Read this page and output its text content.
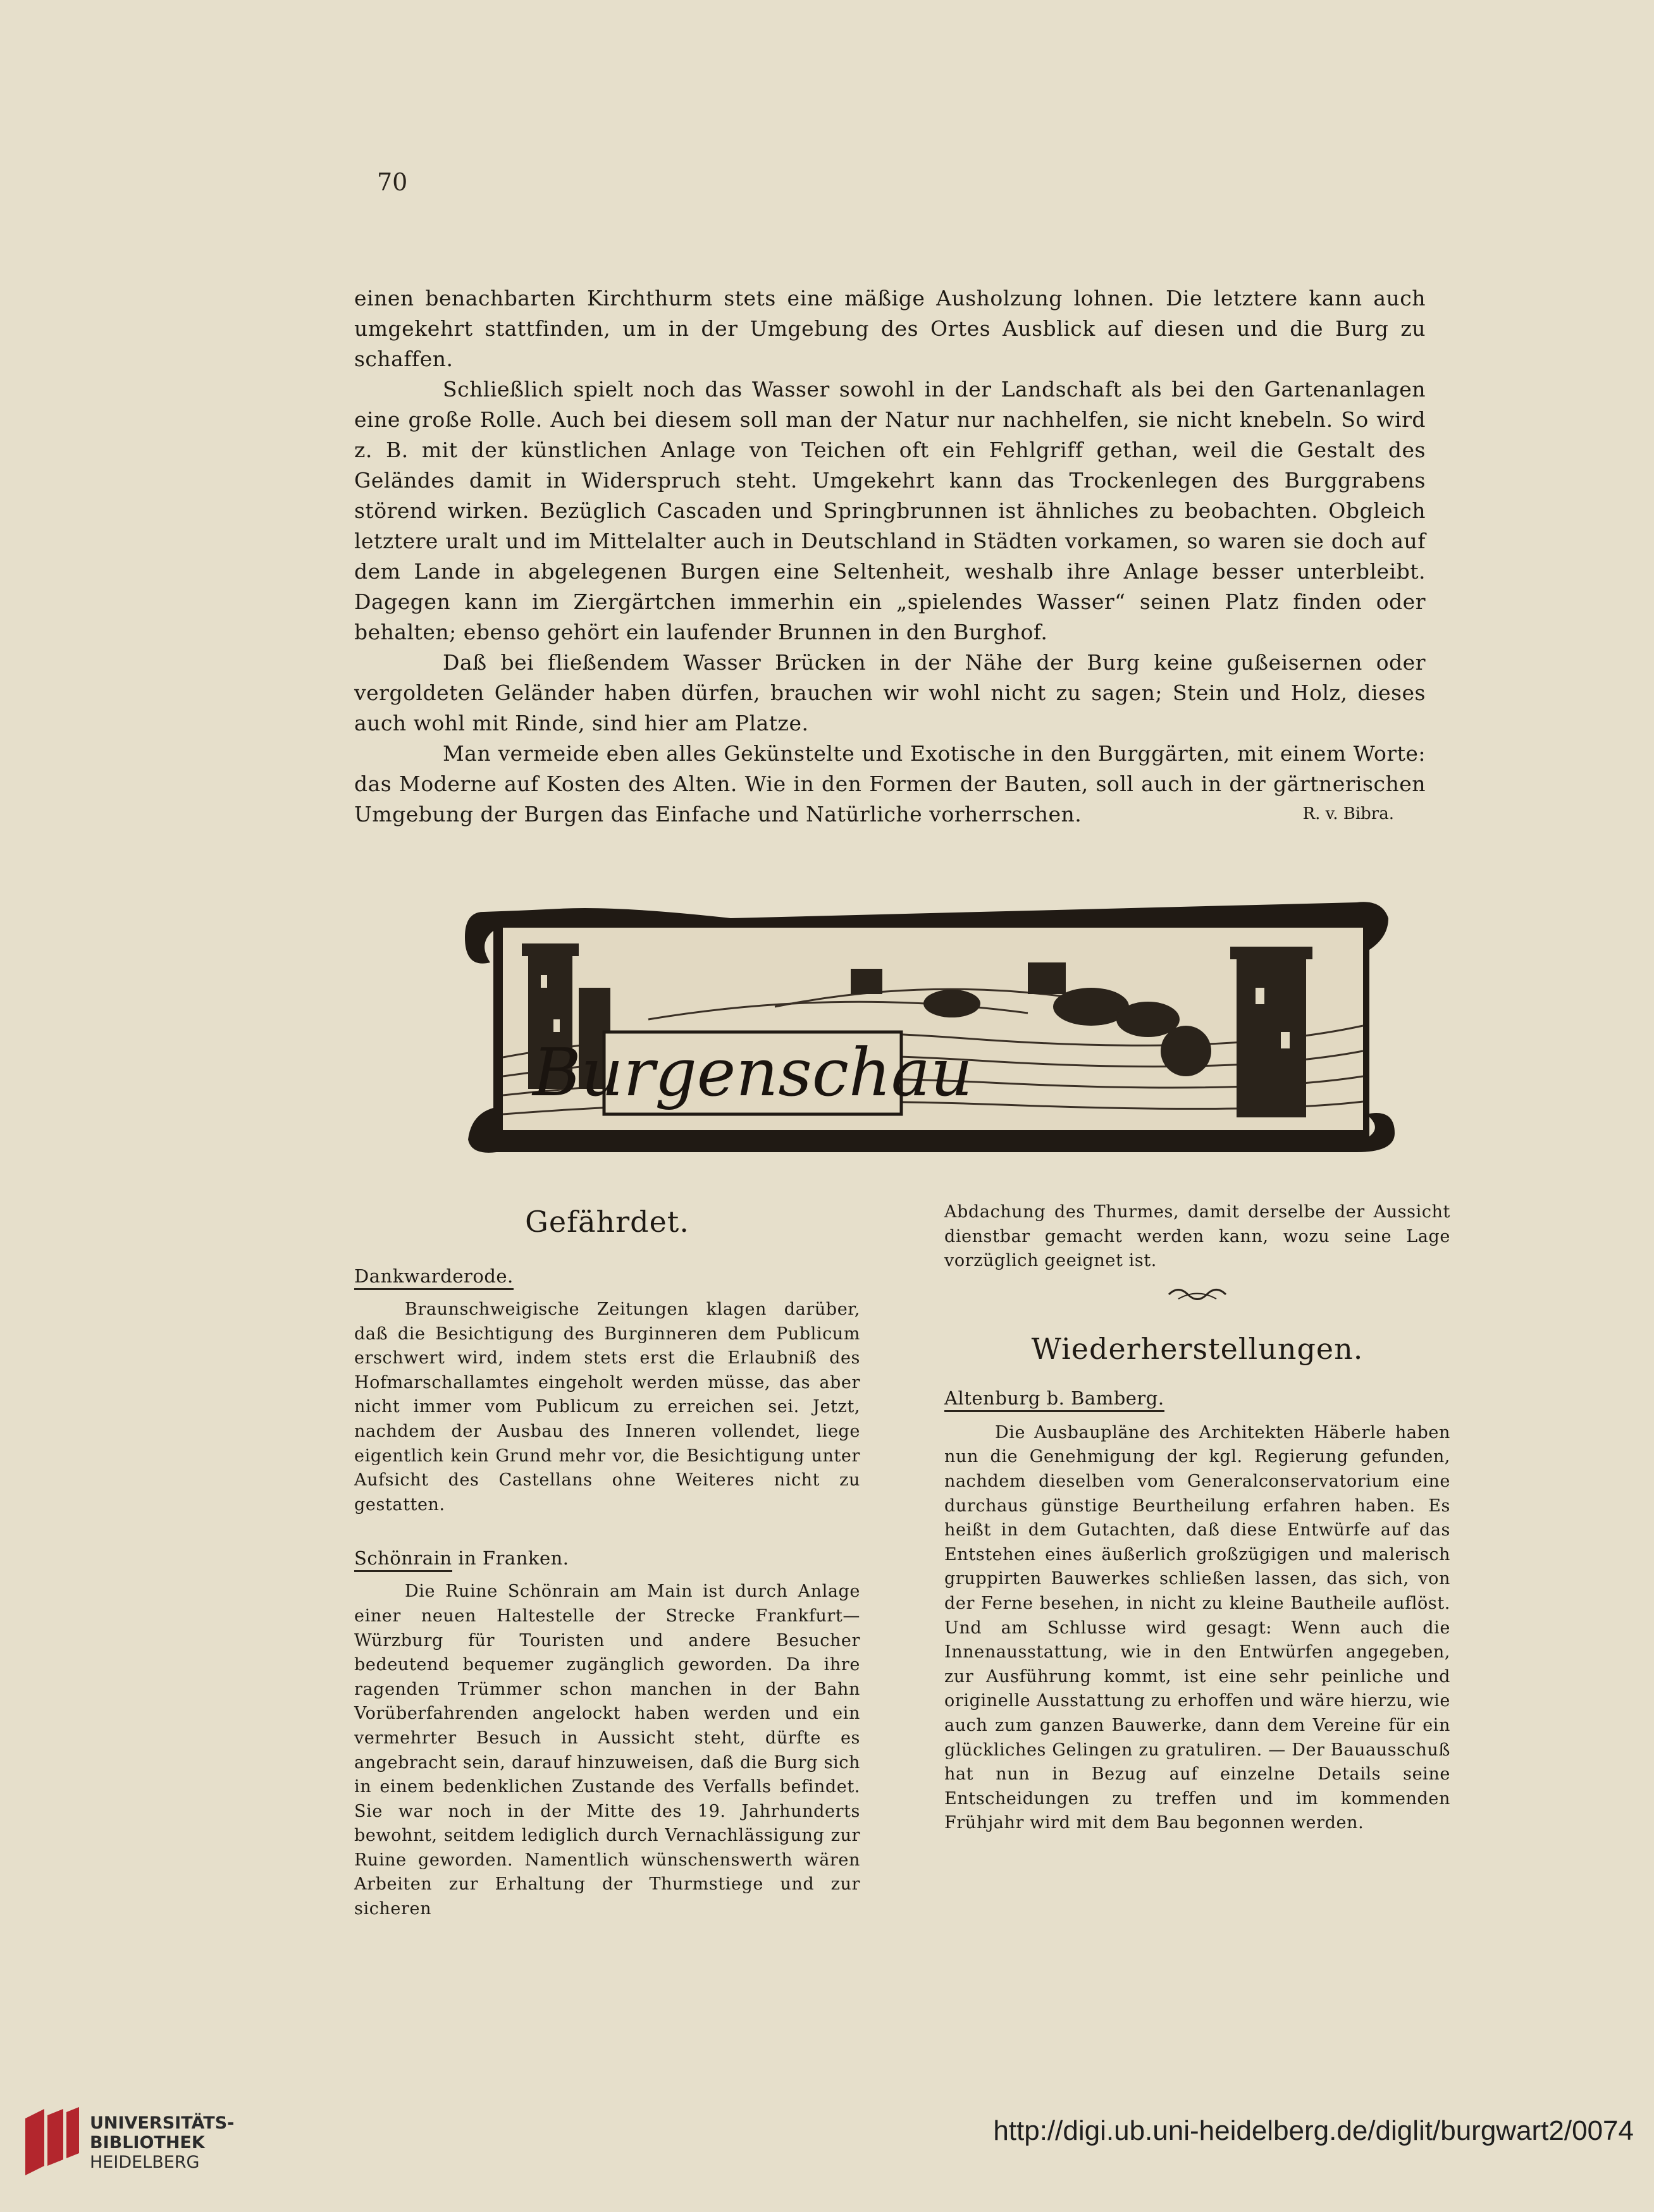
70

einen benachbarten Kirchthurm stets eine mäßige Ausholzung lohnen. Die letztere kann auch umgekehrt stattfinden, um in der Umgebung des Ortes Ausblick auf diesen und die Burg zu schaffen.

Schließlich spielt noch das Wasser sowohl in der Landschaft als bei den Gartenanlagen eine große Rolle. Auch bei diesem soll man der Natur nur nachhelfen, sie nicht knebeln. So wird z. B. mit der künstlichen Anlage von Teichen oft ein Fehlgriff gethan, weil die Gestalt des Geländes damit in Widerspruch steht. Umgekehrt kann das Trockenlegen des Burggrabens störend wirken. Bezüglich Cascaden und Springbrunnen ist ähnliches zu beobachten. Obgleich letztere uralt und im Mittelalter auch in Deutschland in Städten vorkamen, so waren sie doch auf dem Lande in abgelegenen Burgen eine Seltenheit, weshalb ihre Anlage besser unterbleibt. Dagegen kann im Ziergärtchen immerhin ein „spielendes Wasser“ seinen Platz finden oder behalten; ebenso gehört ein laufender Brunnen in den Burghof.

Daß bei fließendem Wasser Brücken in der Nähe der Burg keine gußeisernen oder vergoldeten Geländer haben dürfen, brauchen wir wohl nicht zu sagen; Stein und Holz, dieses auch wohl mit Rinde, sind hier am Platze.

Man vermeide eben alles Gekünstelte und Exotische in den Burggärten, mit einem Worte: das Moderne auf Kosten des Alten. Wie in den Formen der Bauten, soll auch in der gärtnerischen Umgebung der Burgen das Einfache und Natürliche vorherrschen.	R. v. Bibra.
Burgenschau
Gefährdet.
Dankwarderode.

Braunschweigische Zeitungen klagen darüber, daß die Besichtigung des Burginneren dem Publicum erschwert wird, indem stets erst die Erlaubniß des Hofmarschallamtes eingeholt werden müsse, das aber nicht immer vom Publicum zu erreichen sei. Jetzt, nachdem der Ausbau des Inneren vollendet, liege eigentlich kein Grund mehr vor, die Besichtigung unter Aufsicht des Castellans ohne Weiteres nicht zu gestatten.

Schönrain in Franken.

Die Ruine Schönrain am Main ist durch Anlage einer neuen Haltestelle der Strecke Frankfurt—Würzburg für Touristen und andere Besucher bedeutend bequemer zugänglich geworden. Da ihre ragenden Trümmer schon manchen in der Bahn Vorüberfahrenden angelockt haben werden und ein vermehrter Besuch in Aussicht steht, dürfte es angebracht sein, darauf hinzuweisen, daß die Burg sich in einem bedenklichen Zustande des Verfalls befindet. Sie war noch in der Mitte des 19. Jahrhunderts bewohnt, seitdem lediglich durch Vernachlässigung zur Ruine geworden. Namentlich wünschenswerth wären Arbeiten zur Erhaltung der Thurmstiege und zur sicheren

Abdachung des Thurmes, damit derselbe der Aussicht dienstbar gemacht werden kann, wozu seine Lage vorzüglich geeignet ist.

Wiederherstellungen.
Altenburg b. Bamberg.

Die Ausbaupläne des Architekten Häberle haben nun die Genehmigung der kgl. Regierung gefunden, nachdem dieselben vom Generalconservatorium eine durchaus günstige Beurtheilung erfahren haben. Es heißt in dem Gutachten, daß diese Entwürfe auf das Entstehen eines äußerlich großzügigen und malerisch gruppirten Bauwerkes schließen lassen, das sich, von der Ferne besehen, in nicht zu kleine Bautheile auflöst. Und am Schlusse wird gesagt: Wenn auch die Innenausstattung, wie in den Entwürfen angegeben, zur Ausführung kommt, ist eine sehr peinliche und originelle Ausstattung zu erhoffen und wäre hierzu, wie auch zum ganzen Bauwerke, dann dem Vereine für ein glückliches Gelingen zu gratuliren. — Der Bauausschuß hat nun in Bezug auf einzelne Details seine Entscheidungen zu treffen und im kommenden Frühjahr wird mit dem Bau begonnen werden.

UNIVERSITÄTS-
BIBLIOTHEK
HEIDELBERG
http://digi.ub.uni-heidelberg.de/diglit/burgwart2/0074
